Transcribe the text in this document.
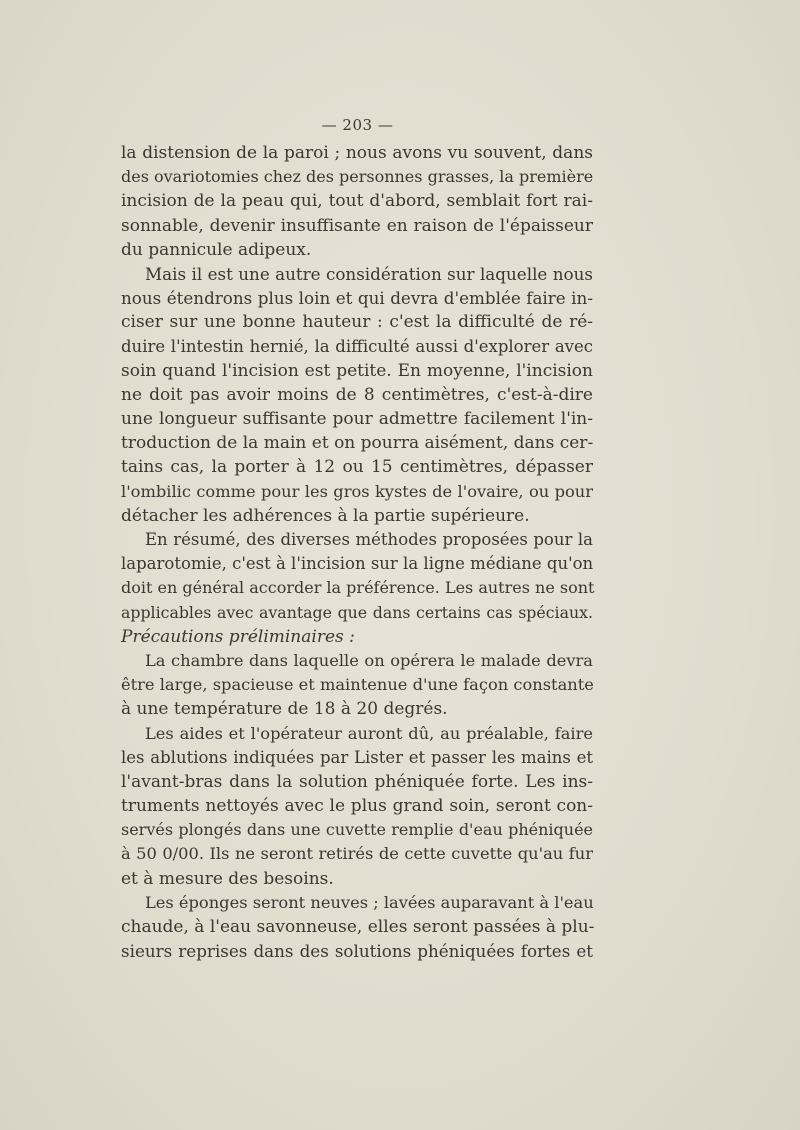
— 203 —
la distension de la paroi ; nous avons vu souvent, dans
des ovariotomies chez des personnes grasses, la première
incision de la peau qui, tout d'abord, semblait fort rai-
sonnable, devenir insuffisante en raison de l'épaisseur
du pannicule adipeux.
Mais il est une autre considération sur laquelle nous
nous étendrons plus loin et qui devra d'emblée faire in-
ciser sur une bonne hauteur : c'est la difficulté de ré-
duire l'intestin hernié, la difficulté aussi d'explorer avec
soin quand l'incision est petite. En moyenne, l'incision
ne doit pas avoir moins de 8 centimètres, c'est-à-dire
une longueur suffisante pour admettre facilement l'in-
troduction de la main et on pourra aisément, dans cer-
tains cas, la porter à 12 ou 15 centimètres, dépasser
l'ombilic comme pour les gros kystes de l'ovaire, ou pour
détacher les adhérences à la partie supérieure.
En résumé, des diverses méthodes proposées pour la
laparotomie, c'est à l'incision sur la ligne médiane qu'on
doit en général accorder la préférence. Les autres ne sont
applicables avec avantage que dans certains cas spéciaux.
Précautions préliminaires :
La chambre dans laquelle on opérera le malade devra
être large, spacieuse et maintenue d'une façon constante
à une température de 18 à 20 degrés.
Les aides et l'opérateur auront dû, au préalable, faire
les ablutions indiquées par Lister et passer les mains et
l'avant-bras dans la solution phéniquée forte. Les ins-
truments nettoyés avec le plus grand soin, seront con-
servés plongés dans une cuvette remplie d'eau phéniquée
à 50 0/00. Ils ne seront retirés de cette cuvette qu'au fur
et à mesure des besoins.
Les éponges seront neuves ; lavées auparavant à l'eau
chaude, à l'eau savonneuse, elles seront passées à plu-
sieurs reprises dans des solutions phéniquées fortes et
